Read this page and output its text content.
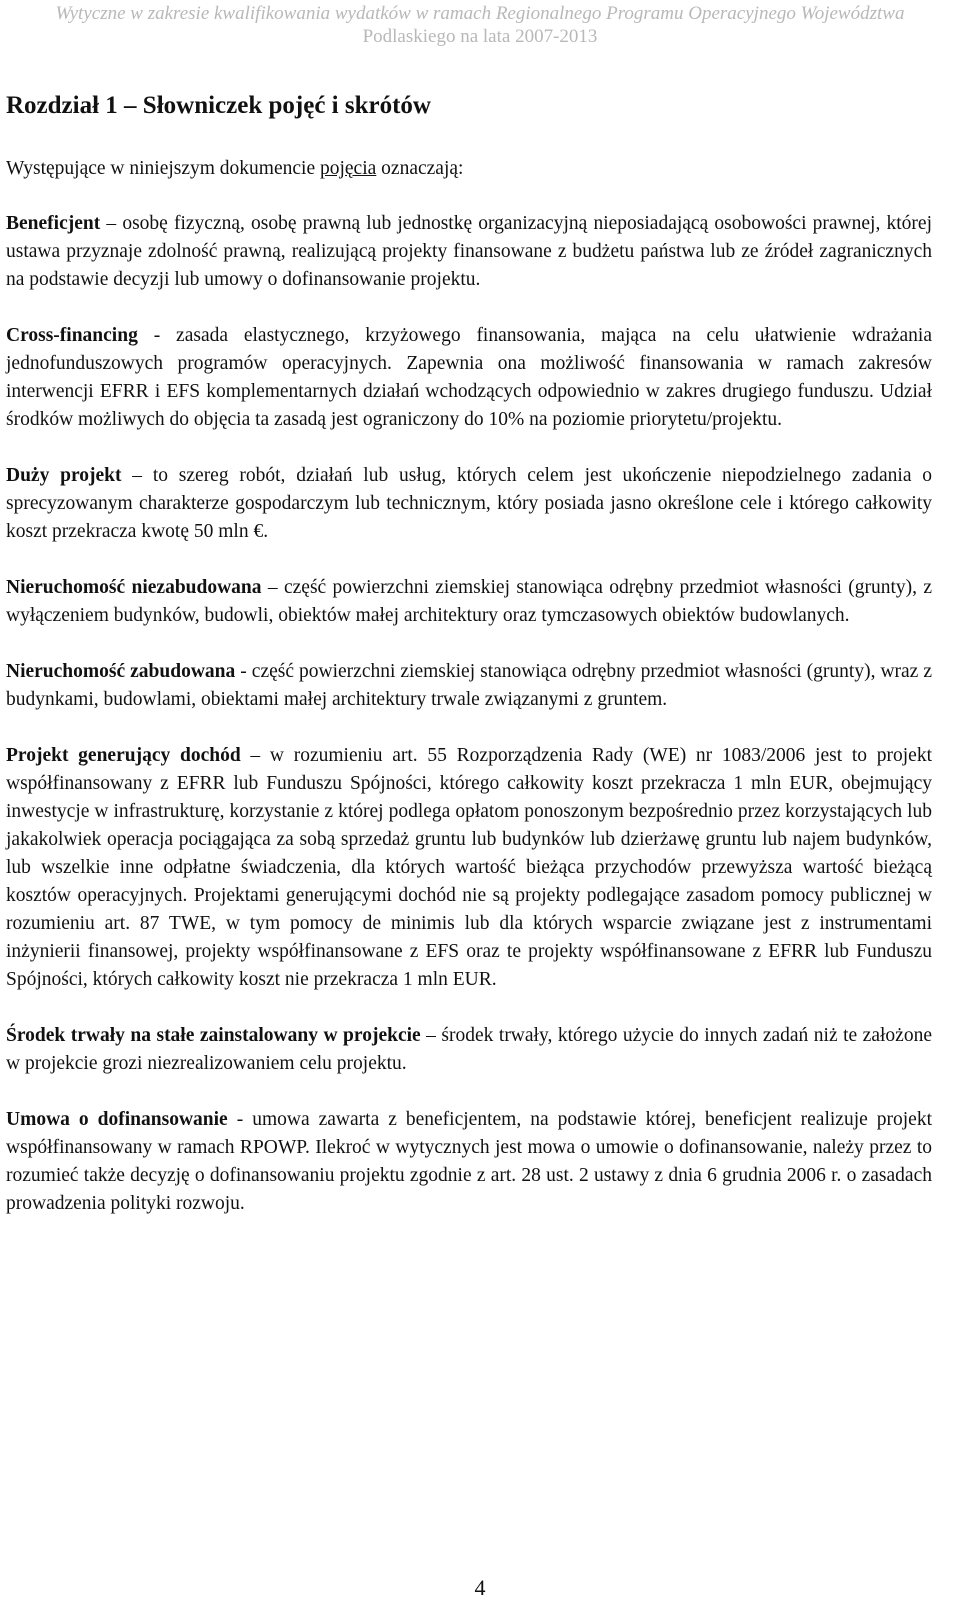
Wytyczne w zakresie kwalifikowania wydatków w ramach Regionalnego Programu Operacyjnego Województwa
Podlaskiego na lata 2007-2013
Rozdział 1 – Słowniczek pojęć i skrótów

Występujące w niniejszym dokumencie pojęcia oznaczają:

Beneficjent – osobę fizyczną, osobę prawną lub jednostkę organizacyjną nieposiadającą osobowości prawnej, której ustawa przyznaje zdolność prawną, realizującą projekty finansowane z budżetu państwa lub ze źródeł zagranicznych na podstawie decyzji lub umowy o dofinansowanie projektu.

Cross-financing - zasada elastycznego, krzyżowego finansowania, mająca na celu ułatwienie wdrażania jednofunduszowych programów operacyjnych. Zapewnia ona możliwość finansowania w ramach zakresów interwencji EFRR i EFS komplementarnych działań wchodzących odpowiednio w zakres drugiego funduszu. Udział środków możliwych do objęcia ta zasadą jest ograniczony do 10% na poziomie priorytetu/projektu.

Duży projekt – to szereg robót, działań lub usług, których celem jest ukończenie niepodzielnego zadania o sprecyzowanym charakterze gospodarczym lub technicznym, który posiada jasno określone cele i którego całkowity koszt przekracza kwotę 50 mln €.

Nieruchomość niezabudowana – część powierzchni ziemskiej stanowiąca odrębny przedmiot własności (grunty), z wyłączeniem budynków, budowli, obiektów małej architektury oraz tymczasowych obiektów budowlanych.

Nieruchomość zabudowana - część powierzchni ziemskiej stanowiąca odrębny przedmiot własności (grunty), wraz z budynkami, budowlami, obiektami małej architektury trwale związanymi z gruntem.

Projekt generujący dochód – w rozumieniu art. 55 Rozporządzenia Rady (WE) nr 1083/2006 jest to projekt współfinansowany z EFRR lub Funduszu Spójności, którego całkowity koszt przekracza 1 mln EUR, obejmujący inwestycje w infrastrukturę, korzystanie z której podlega opłatom ponoszonym bezpośrednio przez korzystających lub jakakolwiek operacja pociągająca za sobą sprzedaż gruntu lub budynków lub dzierżawę gruntu lub najem budynków, lub wszelkie inne odpłatne świadczenia, dla których wartość bieżąca przychodów przewyższa wartość bieżącą kosztów operacyjnych. Projektami generującymi dochód nie są projekty podlegające zasadom pomocy publicznej w rozumieniu art. 87 TWE, w tym pomocy de minimis lub dla których wsparcie związane jest z instrumentami inżynierii finansowej, projekty współfinansowane z EFS oraz te projekty współfinansowane z EFRR lub Funduszu Spójności, których całkowity koszt nie przekracza 1 mln EUR.

Środek trwały na stałe zainstalowany w projekcie – środek trwały, którego użycie do innych zadań niż te założone w projekcie grozi niezrealizowaniem celu projektu.

Umowa o dofinansowanie - umowa zawarta z beneficjentem, na podstawie której, beneficjent realizuje projekt współfinansowany w ramach RPOWP. Ilekroć w wytycznych jest mowa o umowie o dofinansowanie, należy przez to rozumieć także decyzję o dofinansowaniu projektu zgodnie z art. 28 ust. 2 ustawy z dnia 6 grudnia 2006 r. o zasadach prowadzenia polityki rozwoju.

4
